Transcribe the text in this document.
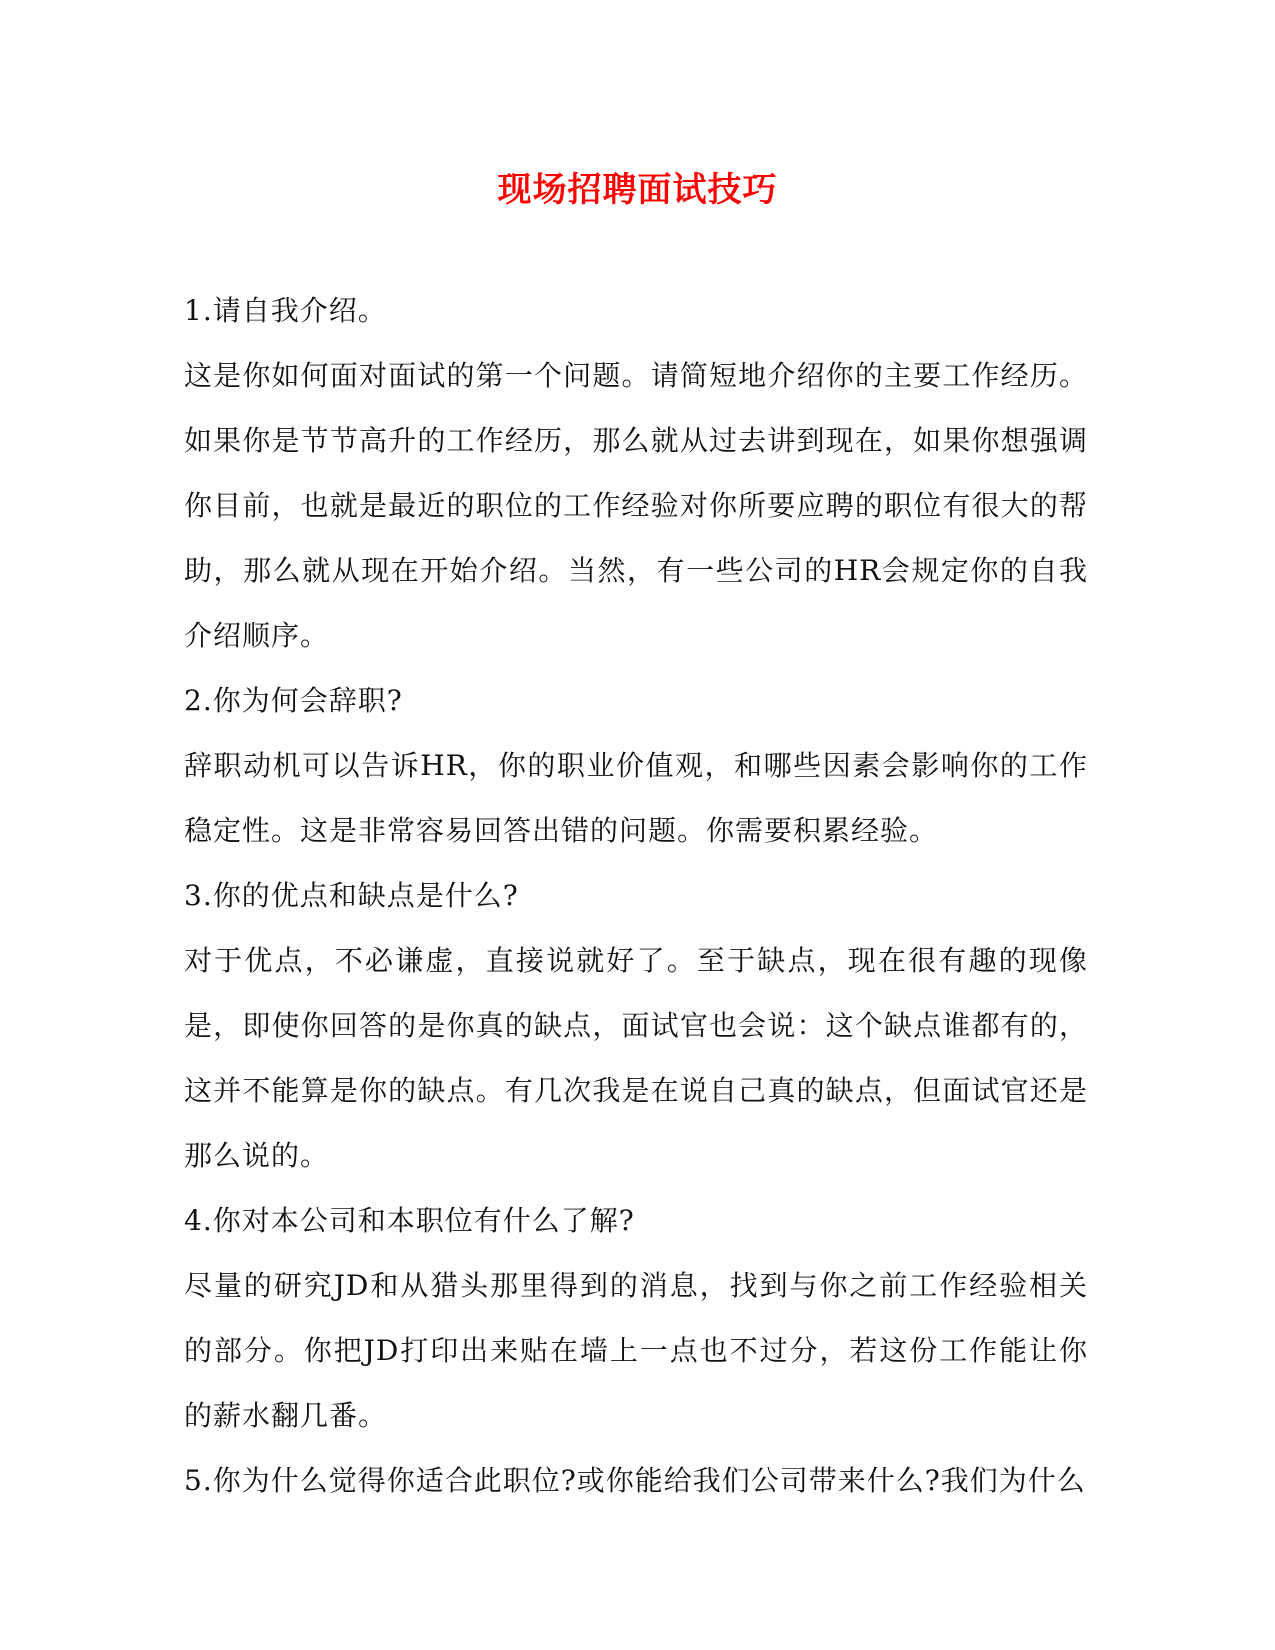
现场招聘面试技巧

1.请自我介绍。

这是你如何面对面试的第一个问题。请简短地介绍你的主要工作经历。如果你是节节高升的工作经历，那么就从过去讲到现在，如果你想强调你目前，也就是最近的职位的工作经验对你所要应聘的职位有很大的帮助，那么就从现在开始介绍。当然，有一些公司的HR会规定你的自我介绍顺序。

2.你为何会辞职?

辞职动机可以告诉HR，你的职业价值观，和哪些因素会影响你的工作稳定性。这是非常容易回答出错的问题。你需要积累经验。

3.你的优点和缺点是什么?

对于优点，不必谦虚，直接说就好了。至于缺点，现在很有趣的现像是，即使你回答的是你真的缺点，面试官也会说：这个缺点谁都有的，这并不能算是你的缺点。有几次我是在说自己真的缺点，但面试官还是那么说的。

4.你对本公司和本职位有什么了解?

尽量的研究JD和从猎头那里得到的消息，找到与你之前工作经验相关的部分。你把JD打印出来贴在墙上一点也不过分，若这份工作能让你的薪水翻几番。

5.你为什么觉得你适合此职位?或你能给我们公司带来什么?我们为什么
